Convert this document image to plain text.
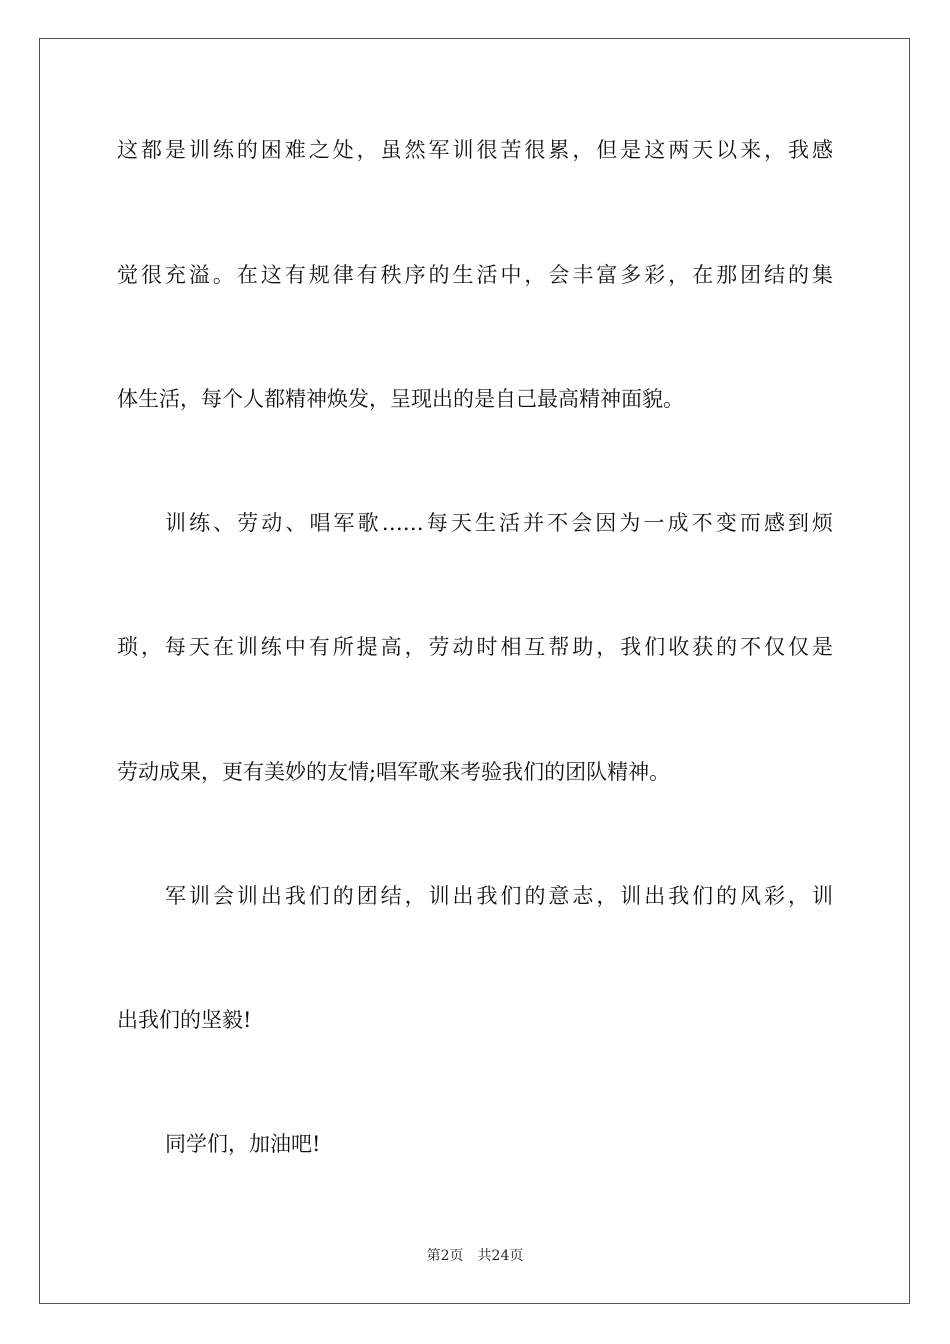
这都是训练的困难之处，虽然军训很苦很累，但是这两天以来，我感
觉很充溢。在这有规律有秩序的生活中，会丰富多彩，在那团结的集
体生活，每个人都精神焕发，呈现出的是自己最高精神面貌。
训练、劳动、唱军歌……每天生活并不会因为一成不变而感到烦
琐，每天在训练中有所提高，劳动时相互帮助，我们收获的不仅仅是
劳动成果，更有美妙的友情;唱军歌来考验我们的团队精神。
军训会训出我们的团结，训出我们的意志，训出我们的风彩，训
出我们的坚毅!
同学们，加油吧!
第2页 共24页
